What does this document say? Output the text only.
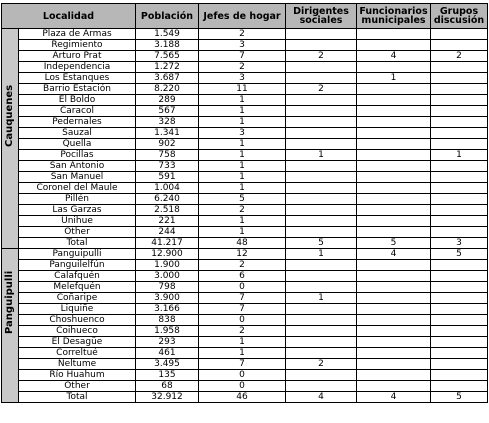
Localidad		Población	Jefes de hogar	Dirigentes sociales	Funcionarios municipales	Grupos discusión

Cauquenes	Plaza de Armas	1.549	2			
	Regimiento	3.188	3			
	Arturo Prat	7.565	7	2	4	2
	Independencia	1.272	2			
	Los Estanques	3.687	3		1	
	Barrio Estación	8.220	11	2		
	El Boldo	289	1			
	Caracol	567	1			
	Pedernales	328	1			
	Sauzal	1.341	3			
	Quella	902	1			
	Pocillas	758	1	1		1
	San Antonio	733	1			
	San Manuel	591	1			
	Coronel del Maule	1.004	1			
	Pillén	6.240	5			
	Las Garzas	2.518	2			
	Unihue	221	1			
	Other	244	1			
	Total	41.217	48	5	5	3

Panguipulli	Panguipulli	12.900	12	1	4	5
	Panguilelfún	1.900	2			
	Calafquén	3.000	6			
	Melefquén	798	0			
	Coñaripe	3.900	7	1		
	Liquiñe	3.166	7			
	Choshuenco	838	0			
	Coihueco	1.958	2			
	El Desagüe	293	1			
	Correltué	461	1			
	Neltume	3.495	7	2		
	Río Huahum	135	0			
	Other	68	0			
	Total	32.912	46	4	4	5
